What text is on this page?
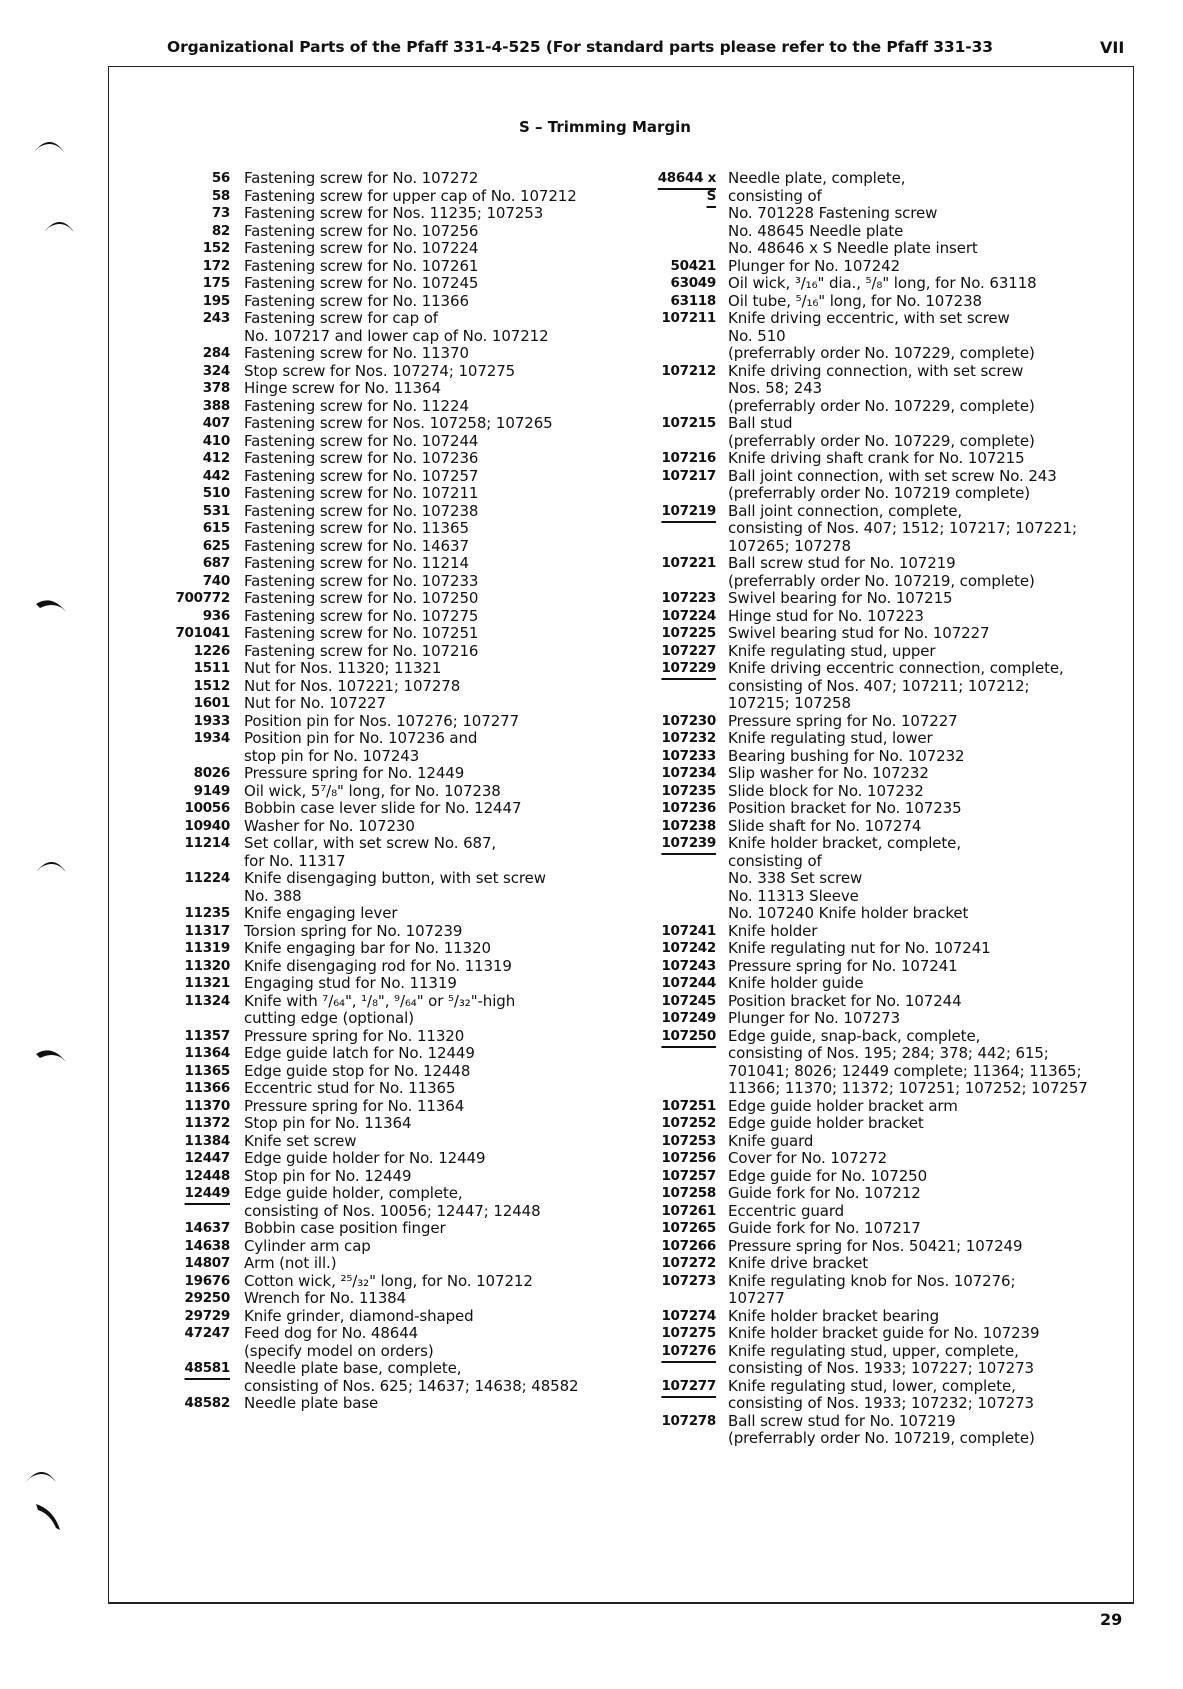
Organizational Parts of the Pfaff 331-4-525 (For standard parts please refer to the Pfaff 331-33	VII
S – Trimming Margin
56 Fastening screw for No. 107272
58 Fastening screw for upper cap of No. 107212
73 Fastening screw for Nos. 11235; 107253
82 Fastening screw for No. 107256
152 Fastening screw for No. 107224
172 Fastening screw for No. 107261
175 Fastening screw for No. 107245
195 Fastening screw for No. 11366
243 Fastening screw for cap of
No. 107217 and lower cap of No. 107212
284 Fastening screw for No. 11370
324 Stop screw for Nos. 107274; 107275
378 Hinge screw for No. 11364
388 Fastening screw for No. 11224
407 Fastening screw for Nos. 107258; 107265
410 Fastening screw for No. 107244
412 Fastening screw for No. 107236
442 Fastening screw for No. 107257
510 Fastening screw for No. 107211
531 Fastening screw for No. 107238
615 Fastening screw for No. 11365
625 Fastening screw for No. 14637
687 Fastening screw for No. 11214
740 Fastening screw for No. 107233
700772 Fastening screw for No. 107250
936 Fastening screw for No. 107275
701041 Fastening screw for No. 107251
1226 Fastening screw for No. 107216
1511 Nut for Nos. 11320; 11321
1512 Nut for Nos. 107221; 107278
1601 Nut for No. 107227
1933 Position pin for Nos. 107276; 107277
1934 Position pin for No. 107236 and
stop pin for No. 107243
8026 Pressure spring for No. 12449
9149 Oil wick, 5⁷/₈" long, for No. 107238
10056 Bobbin case lever slide for No. 12447
10940 Washer for No. 107230
11214 Set collar, with set screw No. 687,
for No. 11317
11224 Knife disengaging button, with set screw
No. 388
11235 Knife engaging lever
11317 Torsion spring for No. 107239
11319 Knife engaging bar for No. 11320
11320 Knife disengaging rod for No. 11319
11321 Engaging stud for No. 11319
11324 Knife with ⁷/₆₄", ¹/₈", ⁹/₆₄" or ⁵/₃₂"-high
cutting edge (optional)
11357 Pressure spring for No. 11320
11364 Edge guide latch for No. 12449
11365 Edge guide stop for No. 12448
11366 Eccentric stud for No. 11365
11370 Pressure spring for No. 11364
11372 Stop pin for No. 11364
11384 Knife set screw
12447 Edge guide holder for No. 12449
12448 Stop pin for No. 12449
12449 Edge guide holder, complete,
consisting of Nos. 10056; 12447; 12448
14637 Bobbin case position finger
14638 Cylinder arm cap
14807 Arm (not ill.)
19676 Cotton wick, ²⁵/₃₂" long, for No. 107212
29250 Wrench for No. 11384
29729 Knife grinder, diamond-shaped
47247 Feed dog for No. 48644
(specify model on orders)
48581 Needle plate base, complete,
consisting of Nos. 625; 14637; 14638; 48582
48582 Needle plate base
48644 x S
Needle plate, complete,
consisting of
No. 701228 Fastening screw
No. 48645 Needle plate
No. 48646 x S Needle plate insert
50421 Plunger for No. 107242
63049 Oil wick, ³/₁₆" dia., ⁵/₈" long, for No. 63118
63118 Oil tube, ⁵/₁₆" long, for No. 107238
107211 Knife driving eccentric, with set screw
No. 510
(preferrably order No. 107229, complete)
107212 Knife driving connection, with set screw
Nos. 58; 243
(preferrably order No. 107229, complete)
107215 Ball stud
(preferrably order No. 107229, complete)
107216 Knife driving shaft crank for No. 107215
107217 Ball joint connection, with set screw No. 243
(preferrably order No. 107219 complete)
107219 Ball joint connection, complete,
consisting of Nos. 407; 1512; 107217; 107221;
107265; 107278
107221 Ball screw stud for No. 107219
(preferrably order No. 107219, complete)
107223 Swivel bearing for No. 107215
107224 Hinge stud for No. 107223
107225 Swivel bearing stud for No. 107227
107227 Knife regulating stud, upper
107229 Knife driving eccentric connection, complete,
consisting of Nos. 407; 107211; 107212;
107215; 107258
107230 Pressure spring for No. 107227
107232 Knife regulating stud, lower
107233 Bearing bushing for No. 107232
107234 Slip washer for No. 107232
107235 Slide block for No. 107232
107236 Position bracket for No. 107235
107238 Slide shaft for No. 107274
107239 Knife holder bracket, complete,
consisting of
No. 338 Set screw
No. 11313 Sleeve
No. 107240 Knife holder bracket
107241 Knife holder
107242 Knife regulating nut for No. 107241
107243 Pressure spring for No. 107241
107244 Knife holder guide
107245 Position bracket for No. 107244
107249 Plunger for No. 107273
107250 Edge guide, snap-back, complete,
consisting of Nos. 195; 284; 378; 442; 615;
701041; 8026; 12449 complete; 11364; 11365;
11366; 11370; 11372; 107251; 107252; 107257
107251 Edge guide holder bracket arm
107252 Edge guide holder bracket
107253 Knife guard
107256 Cover for No. 107272
107257 Edge guide for No. 107250
107258 Guide fork for No. 107212
107261 Eccentric guard
107265 Guide fork for No. 107217
107266 Pressure spring for Nos. 50421; 107249
107272 Knife drive bracket
107273 Knife regulating knob for Nos. 107276;
107277
107274 Knife holder bracket bearing
107275 Knife holder bracket guide for No. 107239
107276 Knife regulating stud, upper, complete,
consisting of Nos. 1933; 107227; 107273
107277 Knife regulating stud, lower, complete,
consisting of Nos. 1933; 107232; 107273
107278 Ball screw stud for No. 107219
(preferrably order No. 107219, complete)
29
